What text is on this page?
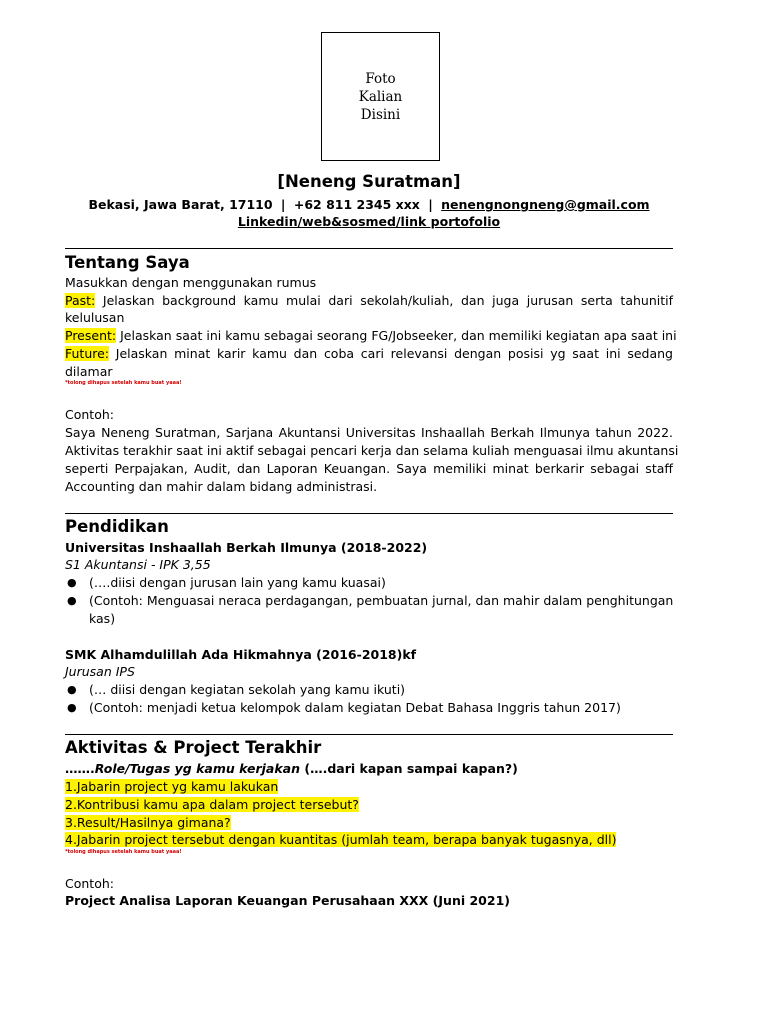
Foto
Kalian
Disini
[Neneng Suratman]
Bekasi, Jawa Barat, 17110 | +62 811 2345 xxx | nenengnongneng@gmail.com
Linkedin/web&sosmed/link portofolio
Tentang Saya
Masukkan dengan menggunakan rumus
Past: Jelaskan background kamu mulai dari sekolah/kuliah, dan juga jurusan serta tahunitif
kelulusan
Present: Jelaskan saat ini kamu sebagai seorang FG/Jobseeker, dan memiliki kegiatan apa saat ini
Future: Jelaskan minat karir kamu dan coba cari relevansi dengan posisi yg saat ini sedang
dilamar
*tolong dihapus setelah kamu buat yaaa!
Contoh:
Saya Neneng Suratman, Sarjana Akuntansi Universitas Inshaallah Berkah Ilmunya tahun 2022.
Aktivitas terakhir saat ini aktif sebagai pencari kerja dan selama kuliah menguasai ilmu akuntansi
seperti Perpajakan, Audit, dan Laporan Keuangan. Saya memiliki minat berkarir sebagai staff
Accounting dan mahir dalam bidang administrasi.
Pendidikan
Universitas Inshaallah Berkah Ilmunya (2018-2022)
S1 Akuntansi - IPK 3,55
● (….diisi dengan jurusan lain yang kamu kuasai)
● (Contoh: Menguasai neraca perdagangan, pembuatan jurnal, dan mahir dalam penghitungan
kas)
SMK Alhamdulillah Ada Hikmahnya (2016-2018)kf
Jurusan IPS
● (… diisi dengan kegiatan sekolah yang kamu ikuti)
● (Contoh: menjadi ketua kelompok dalam kegiatan Debat Bahasa Inggris tahun 2017)
Aktivitas & Project Terakhir
…….Role/Tugas yg kamu kerjakan (….dari kapan sampai kapan?)
1.Jabarin project yg kamu lakukan
2.Kontribusi kamu apa dalam project tersebut?
3.Result/Hasilnya gimana?
4.Jabarin project tersebut dengan kuantitas (jumlah team, berapa banyak tugasnya, dll)
*tolong dihapus setelah kamu buat yaaa!
Contoh:
Project Analisa Laporan Keuangan Perusahaan XXX (Juni 2021)
